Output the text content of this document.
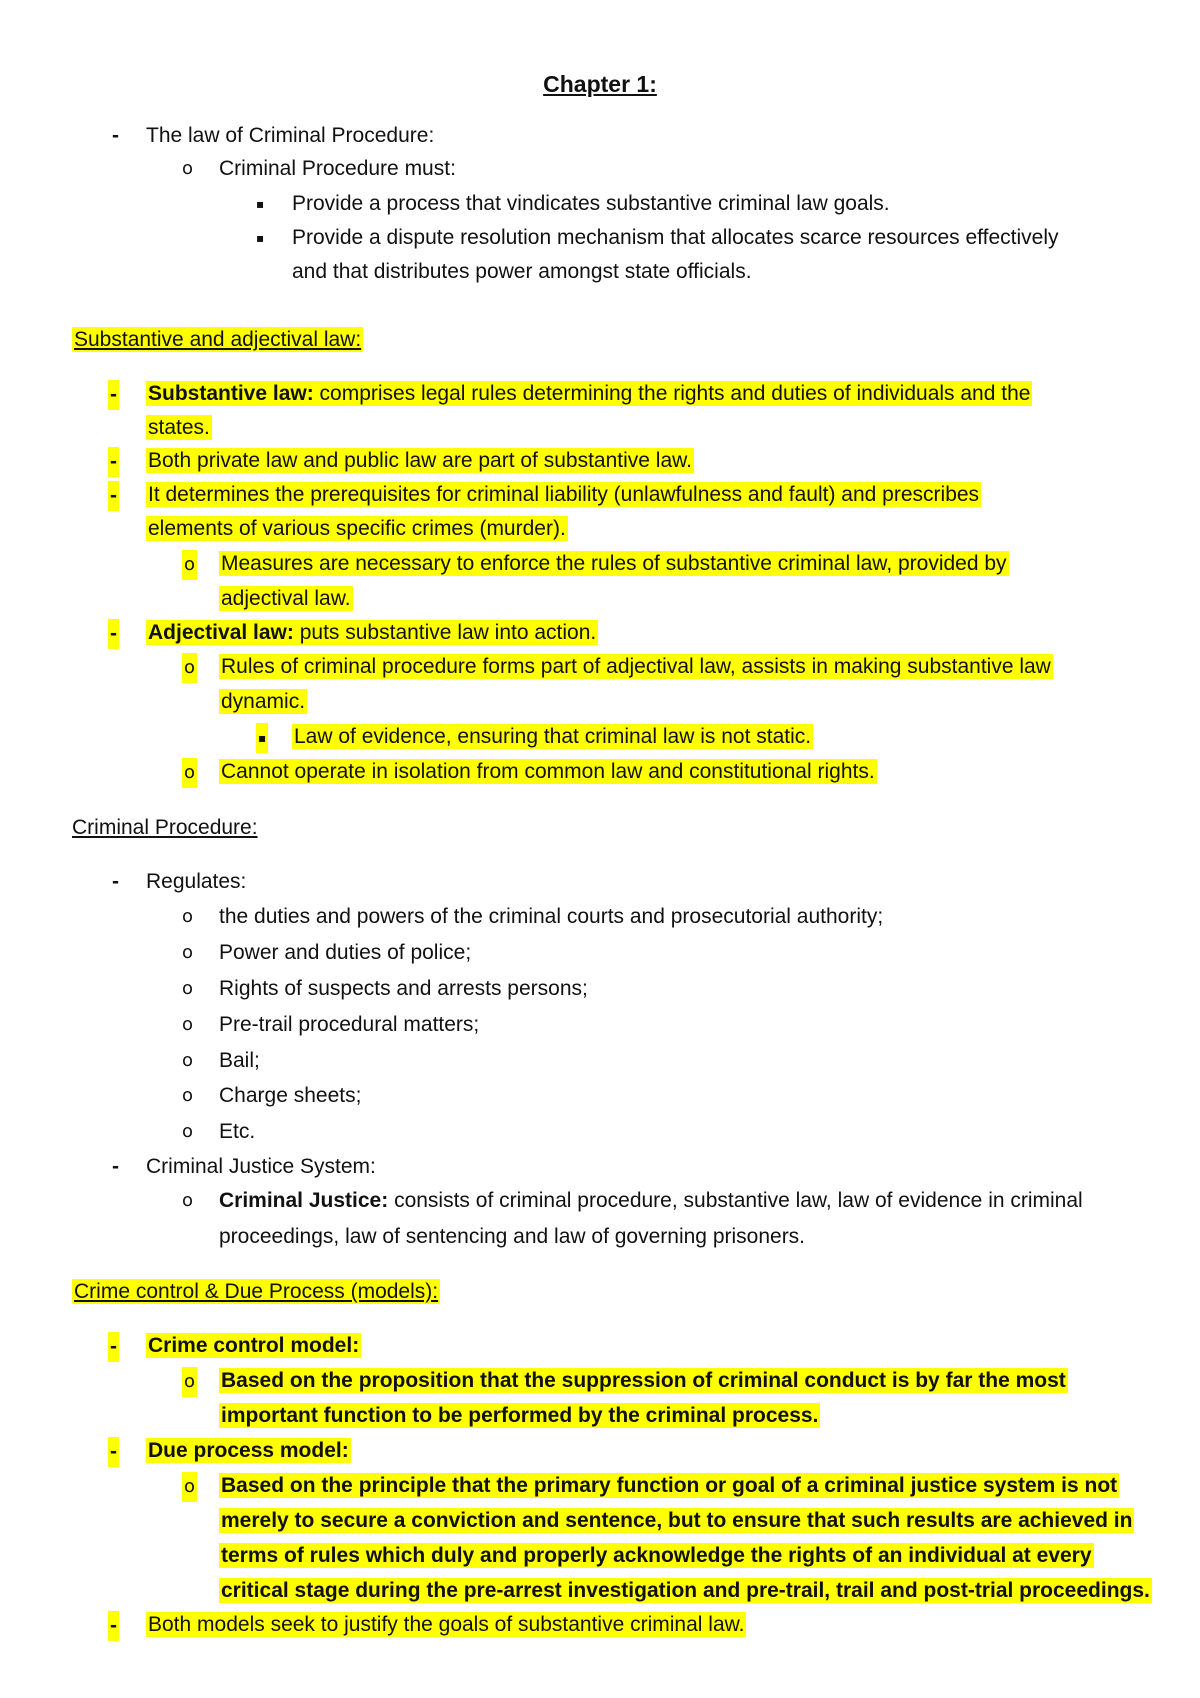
Chapter 1:
- The law of Criminal Procedure:
o Criminal Procedure must:
▪ Provide a process that vindicates substantive criminal law goals.
▪ Provide a dispute resolution mechanism that allocates scarce resources effectively
and that distributes power amongst state officials.
Substantive and adjectival law:
- Substantive law: comprises legal rules determining the rights and duties of individuals and the
states.
- Both private law and public law are part of substantive law.
- It determines the prerequisites for criminal liability (unlawfulness and fault) and prescribes
elements of various specific crimes (murder).
o Measures are necessary to enforce the rules of substantive criminal law, provided by
adjectival law.
- Adjectival law: puts substantive law into action.
o Rules of criminal procedure forms part of adjectival law, assists in making substantive law
dynamic.
▪ Law of evidence, ensuring that criminal law is not static.
o Cannot operate in isolation from common law and constitutional rights.
Criminal Procedure:
- Regulates:
o the duties and powers of the criminal courts and prosecutorial authority;
o Power and duties of police;
o Rights of suspects and arrests persons;
o Pre-trail procedural matters;
o Bail;
o Charge sheets;
o Etc.
- Criminal Justice System:
o Criminal Justice: consists of criminal procedure, substantive law, law of evidence in criminal
proceedings, law of sentencing and law of governing prisoners.
Crime control & Due Process (models):
- Crime control model:
o Based on the proposition that the suppression of criminal conduct is by far the most
important function to be performed by the criminal process.
- Due process model:
o Based on the principle that the primary function or goal of a criminal justice system is not
merely to secure a conviction and sentence, but to ensure that such results are achieved in
terms of rules which duly and properly acknowledge the rights of an individual at every
critical stage during the pre-arrest investigation and pre-trail, trail and post-trial proceedings.
- Both models seek to justify the goals of substantive criminal law.
